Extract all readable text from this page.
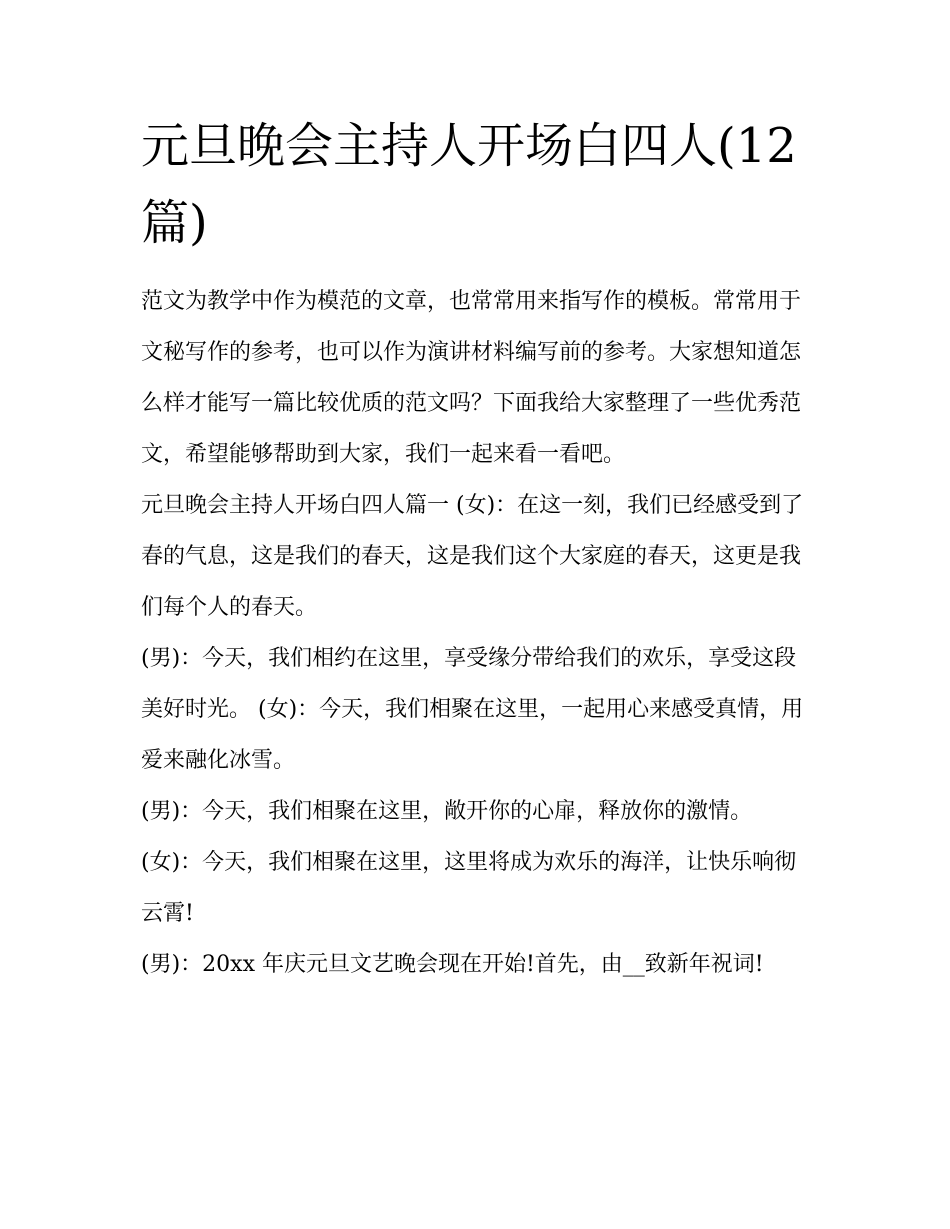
元旦晚会主持人开场白四人(12篇)

范文为教学中作为模范的文章，也常常用来指写作的模板。常常用于文秘写作的参考，也可以作为演讲材料编写前的参考。大家想知道怎么样才能写一篇比较优质的范文吗？下面我给大家整理了一些优秀范文，希望能够帮助到大家，我们一起来看一看吧。

元旦晚会主持人开场白四人篇一 (女)：在这一刻，我们已经感受到了春的气息，这是我们的春天，这是我们这个大家庭的春天，这更是我们每个人的春天。

(男)：今天，我们相约在这里，享受缘分带给我们的欢乐，享受这段美好时光。 (女)：今天，我们相聚在这里，一起用心来感受真情，用爱来融化冰雪。

(男)：今天，我们相聚在这里，敞开你的心扉，释放你的激情。 (女)：今天，我们相聚在这里，这里将成为欢乐的海洋，让快乐响彻云霄!

(男)：20xx 年庆元旦文艺晚会现在开始!首先，由__致新年祝词!
